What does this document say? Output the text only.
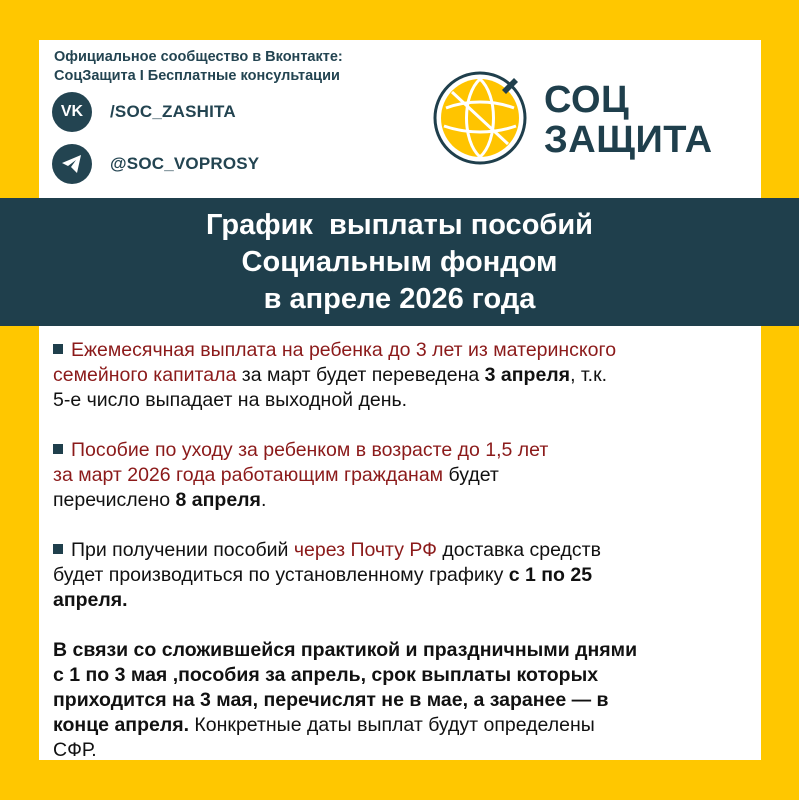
Официальное сообщество в Вконтакте:
СоцЗащита I Бесплатные консультации
VK /SOC_ZASHITA
@SOC_VOPROSY
СОЦ
ЗАЩИТА
График  выплаты пособий
Социальным фондом
в апреле 2026 года
Ежемесячная выплата на ребенка до 3 лет из материнского
семейного капитала за март будет переведена 3 апреля, т.к.
5-е число выпадает на выходной день.
Пособие по уходу за ребенком в возрасте до 1,5 лет
за март 2026 года работающим гражданам будет
перечислено 8 апреля.
При получении пособий через Почту РФ доставка средств
будет производиться по установленному графику с 1 по 25
апреля.
В связи со сложившейся практикой и праздничными днями
с 1 по 3 мая ,пособия за апрель, срок выплаты которых
приходится на 3 мая, перечислят не в мае, а заранее — в
конце апреля. Конкретные даты выплат будут определены
СФР.
